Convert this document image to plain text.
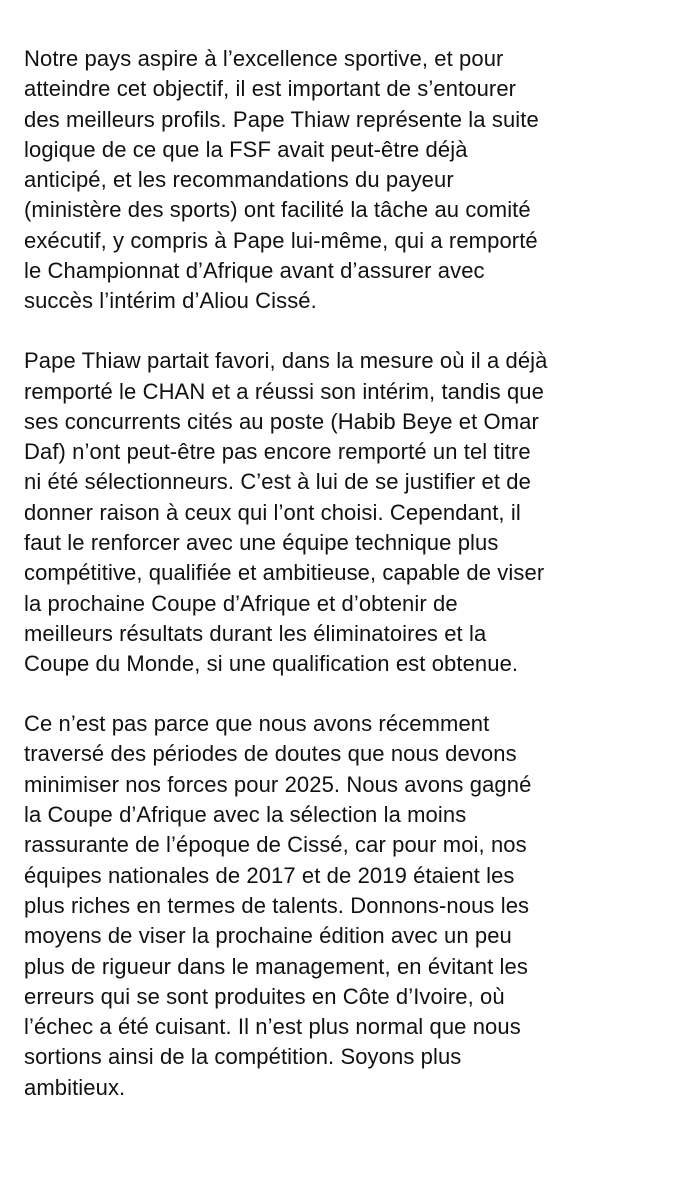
Notre pays aspire à l’excellence sportive, et pour
atteindre cet objectif, il est important de s’entourer
des meilleurs profils. Pape Thiaw représente la suite
logique de ce que la FSF avait peut-être déjà
anticipé, et les recommandations du payeur
(ministère des sports) ont facilité la tâche au comité
exécutif, y compris à Pape lui-même, qui a remporté
le Championnat d’Afrique avant d’assurer avec
succès l’intérim d’Aliou Cissé.

Pape Thiaw partait favori, dans la mesure où il a déjà
remporté le CHAN et a réussi son intérim, tandis que
ses concurrents cités au poste (Habib Beye et Omar
Daf) n’ont peut-être pas encore remporté un tel titre
ni été sélectionneurs. C’est à lui de se justifier et de
donner raison à ceux qui l’ont choisi. Cependant, il
faut le renforcer avec une équipe technique plus
compétitive, qualifiée et ambitieuse, capable de viser
la prochaine Coupe d’Afrique et d’obtenir de
meilleurs résultats durant les éliminatoires et la
Coupe du Monde, si une qualification est obtenue.

Ce n’est pas parce que nous avons récemment
traversé des périodes de doutes que nous devons
minimiser nos forces pour 2025. Nous avons gagné
la Coupe d’Afrique avec la sélection la moins
rassurante de l’époque de Cissé, car pour moi, nos
équipes nationales de 2017 et de 2019 étaient les
plus riches en termes de talents. Donnons-nous les
moyens de viser la prochaine édition avec un peu
plus de rigueur dans le management, en évitant les
erreurs qui se sont produites en Côte d’Ivoire, où
l’échec a été cuisant. Il n’est plus normal que nous
sortions ainsi de la compétition. Soyons plus
ambitieux.
